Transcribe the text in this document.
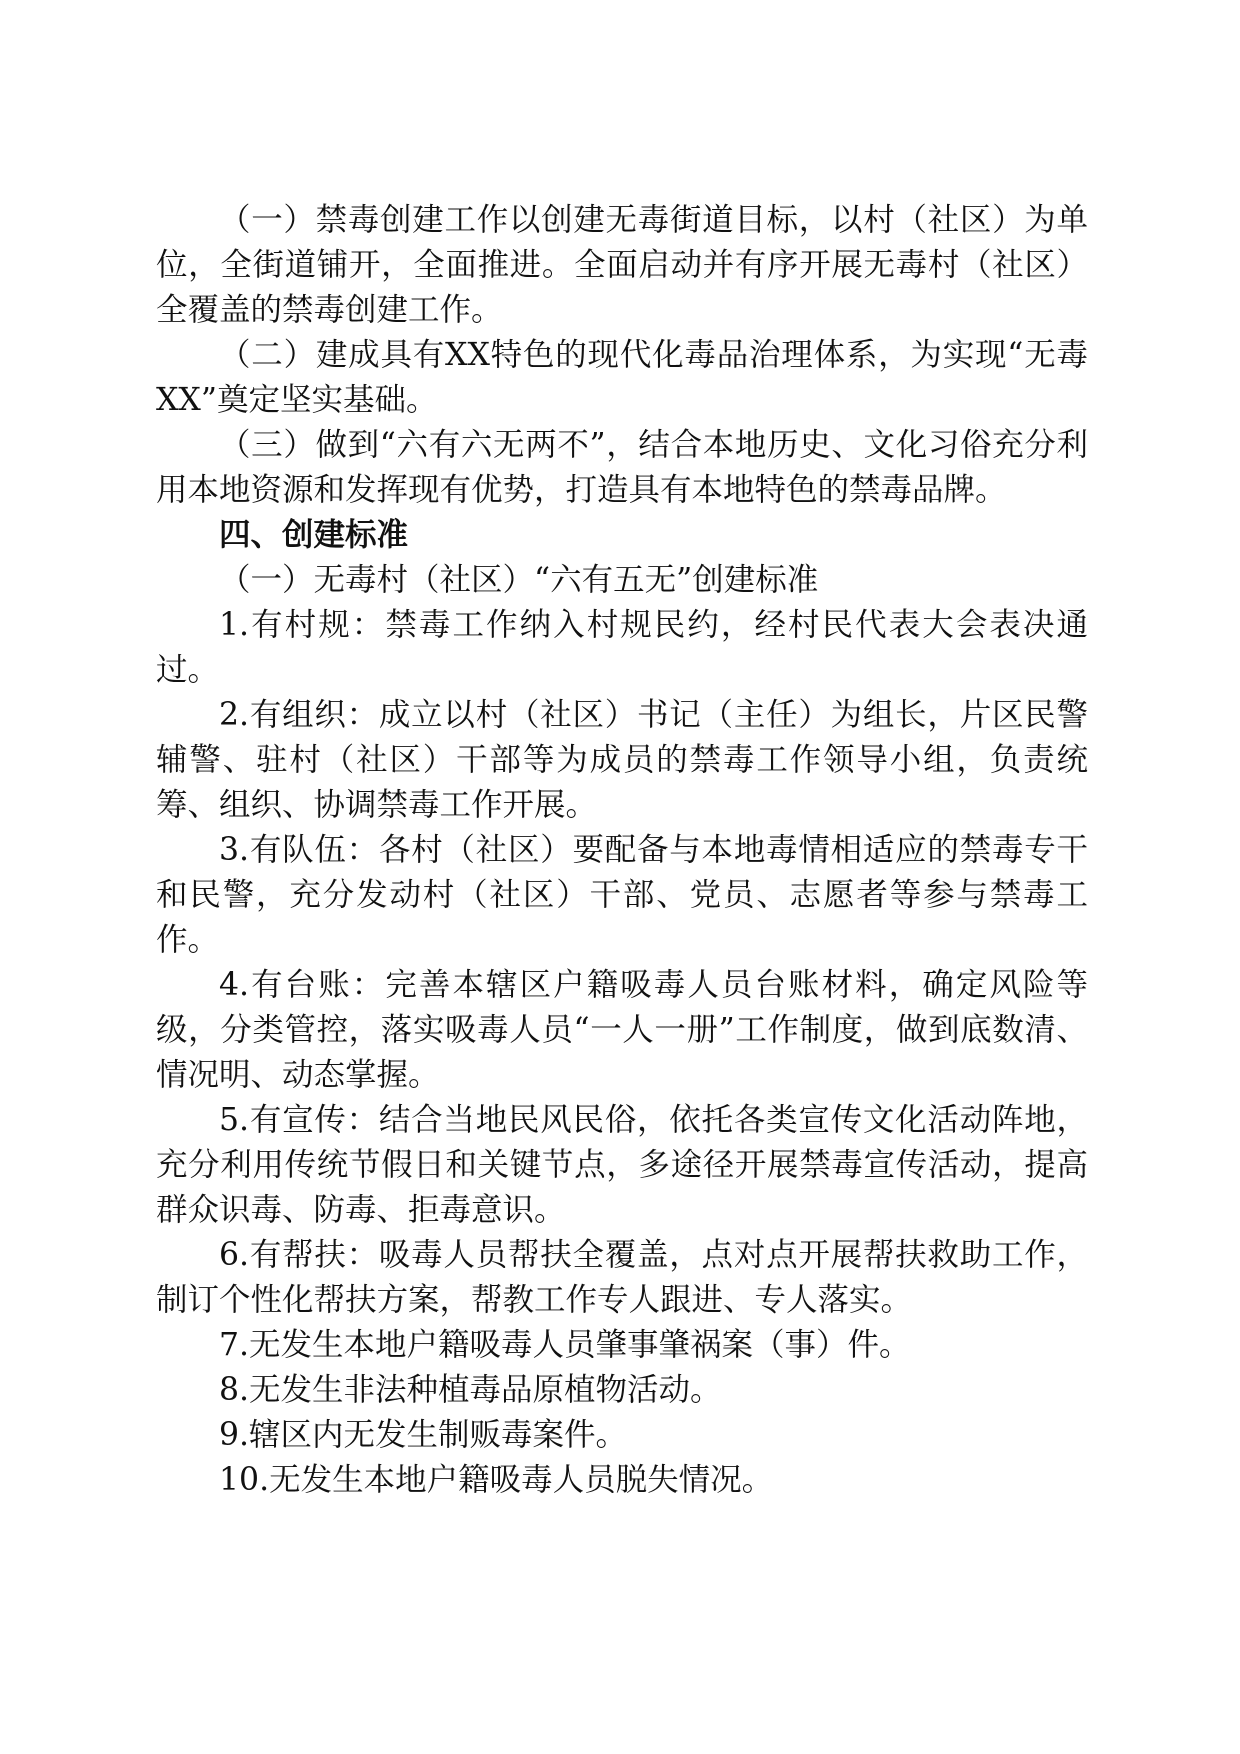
（一）禁毒创建工作以创建无毒街道目标，以村（社区）为单位，全街道铺开，全面推进。全面启动并有序开展无毒村（社区）全覆盖的禁毒创建工作。

（二）建成具有XX特色的现代化毒品治理体系，为实现“无毒XX”奠定坚实基础。

（三）做到“六有六无两不”，结合本地历史、文化习俗充分利用本地资源和发挥现有优势，打造具有本地特色的禁毒品牌。

四、创建标准

（一）无毒村（社区）“六有五无”创建标准

1.有村规：禁毒工作纳入村规民约，经村民代表大会表决通过。

2.有组织：成立以村（社区）书记（主任）为组长，片区民警辅警、驻村（社区）干部等为成员的禁毒工作领导小组，负责统筹、组织、协调禁毒工作开展。

3.有队伍：各村（社区）要配备与本地毒情相适应的禁毒专干和民警，充分发动村（社区）干部、党员、志愿者等参与禁毒工作。

4.有台账：完善本辖区户籍吸毒人员台账材料，确定风险等级，分类管控，落实吸毒人员“一人一册”工作制度，做到底数清、情况明、动态掌握。

5.有宣传：结合当地民风民俗，依托各类宣传文化活动阵地，充分利用传统节假日和关键节点，多途径开展禁毒宣传活动，提高群众识毒、防毒、拒毒意识。

6.有帮扶：吸毒人员帮扶全覆盖，点对点开展帮扶救助工作，制订个性化帮扶方案，帮教工作专人跟进、专人落实。

7.无发生本地户籍吸毒人员肇事肇祸案（事）件。

8.无发生非法种植毒品原植物活动。

9.辖区内无发生制贩毒案件。

10.无发生本地户籍吸毒人员脱失情况。
